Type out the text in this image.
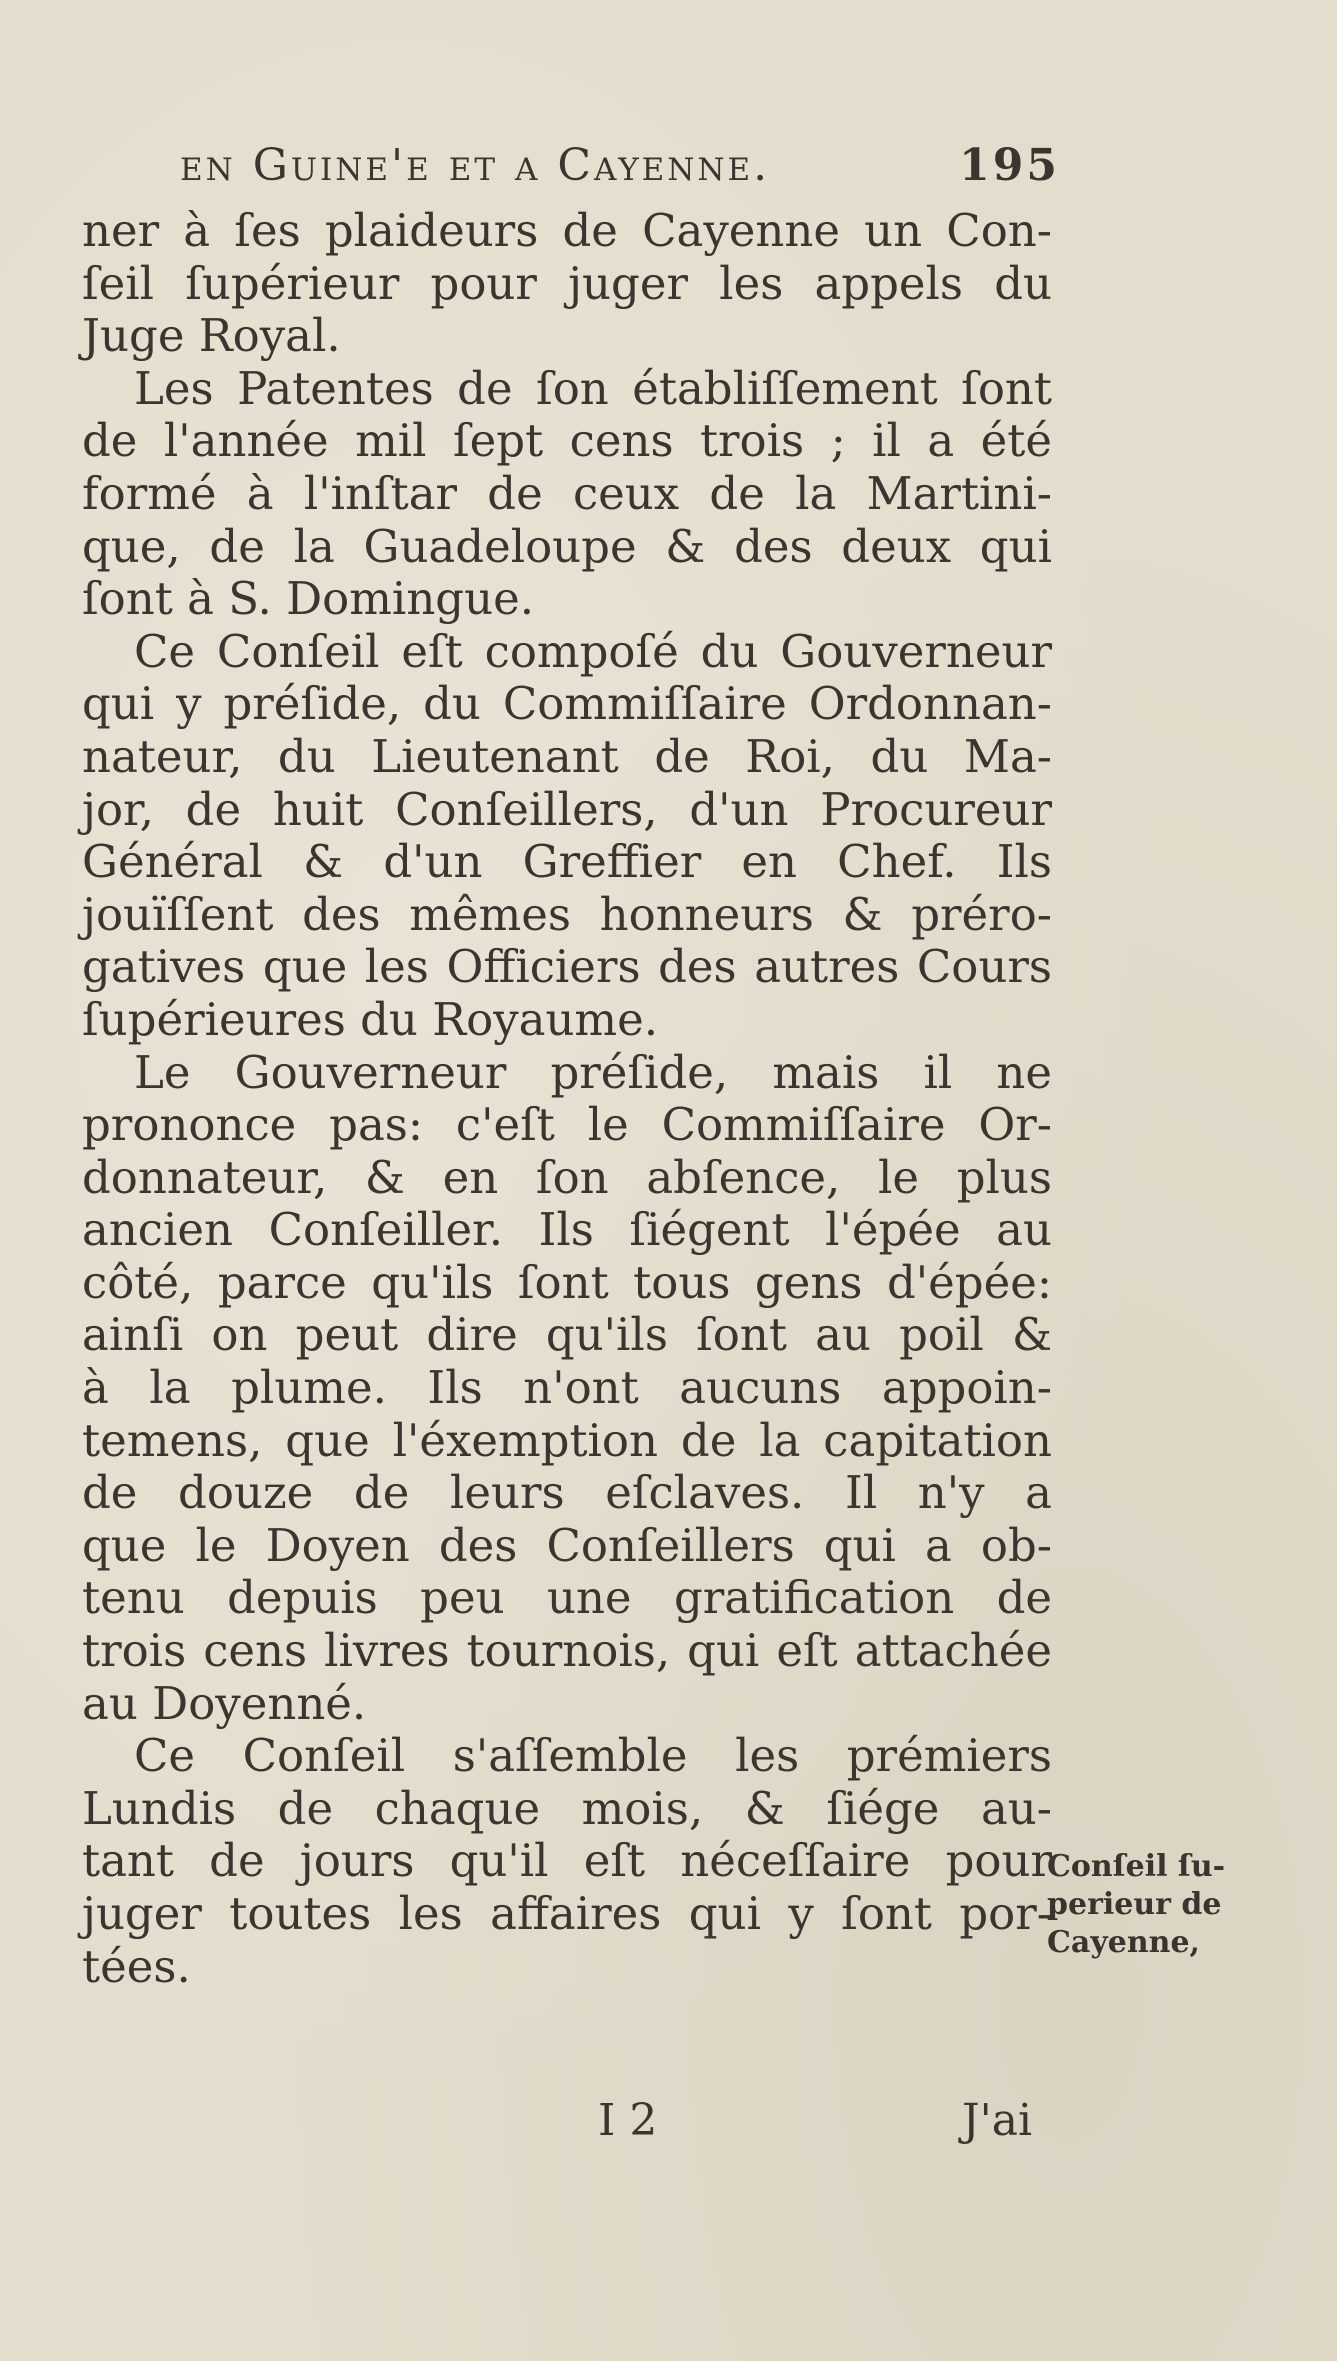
en Guine'e et a Cayenne.	195
ner à ſes plaideurs de Cayenne un Con-
ſeil ſupérieur pour juger les appels du
Juge Royal.
Les Patentes de ſon établiſſement ſont
de l'année mil ſept cens trois ; il a été
formé à l'inſtar de ceux de la Martini-
que, de la Guadeloupe & des deux qui
ſont à S. Domingue.
Ce Conſeil eſt compoſé du Gouverneur
qui y préſide, du Commiſſaire Ordonnan-
nateur, du Lieutenant de Roi, du Ma-
jor, de huit Conſeillers, d'un Procureur
Général & d'un Greffier en Chef. Ils
jouïſſent des mêmes honneurs & préro-
gatives que les Officiers des autres Cours
ſupérieures du Royaume.
Le Gouverneur préſide, mais il ne
prononce pas: c'eſt le Commiſſaire Or-
donnateur, & en ſon abſence, le plus
ancien Conſeiller. Ils ſiégent l'épée au
côté, parce qu'ils ſont tous gens d'épée:
ainſi on peut dire qu'ils ſont au poil &
à la plume. Ils n'ont aucuns appoin-
temens, que l'éxemption de la capitation
de douze de leurs eſclaves. Il n'y a
que le Doyen des Conſeillers qui a ob-
tenu depuis peu une gratification de
trois cens livres tournois, qui eſt attachée
au Doyenné.
Ce Conſeil s'aſſemble les prémiers
Lundis de chaque mois, & ſiége au-
tant de jours qu'il eſt néceſſaire pour
juger toutes les affaires qui y ſont por-
tées.
Conſeil ſu-
perieur de
Cayenne,
I 2	J'ai
